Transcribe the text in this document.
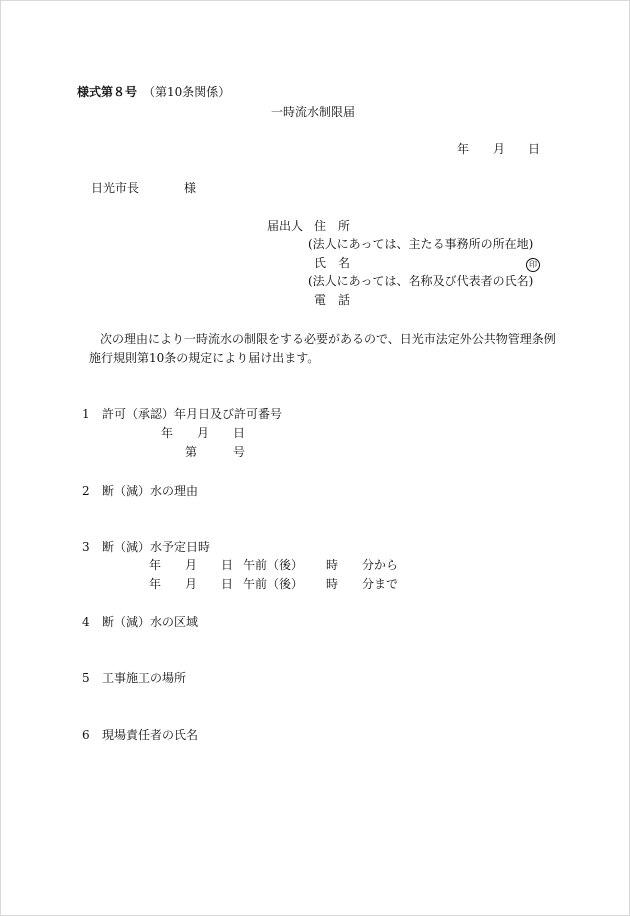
様式第８号 （第10条関係）
一時流水制限届
年 月 日
日光市長	様
届出人 住　所
(法人にあっては、主たる事務所の所在地)
氏　名	印
(法人にあっては、名称及び代表者の氏名)
電　話
次の理由により一時流水の制限をする必要があるので、日光市法定外公共物管理条例
施行規則第10条の規定により届け出ます。
1 許可（承認）年月日及び許可番号
年 月 日
第	号
2 断（減）水の理由
3 断（減）水予定日時
年 月 日 午前（後） 時 分から
年 月 日 午前（後） 時 分まで
4 断（減）水の区域
5 工事施工の場所
6 現場責任者の氏名
